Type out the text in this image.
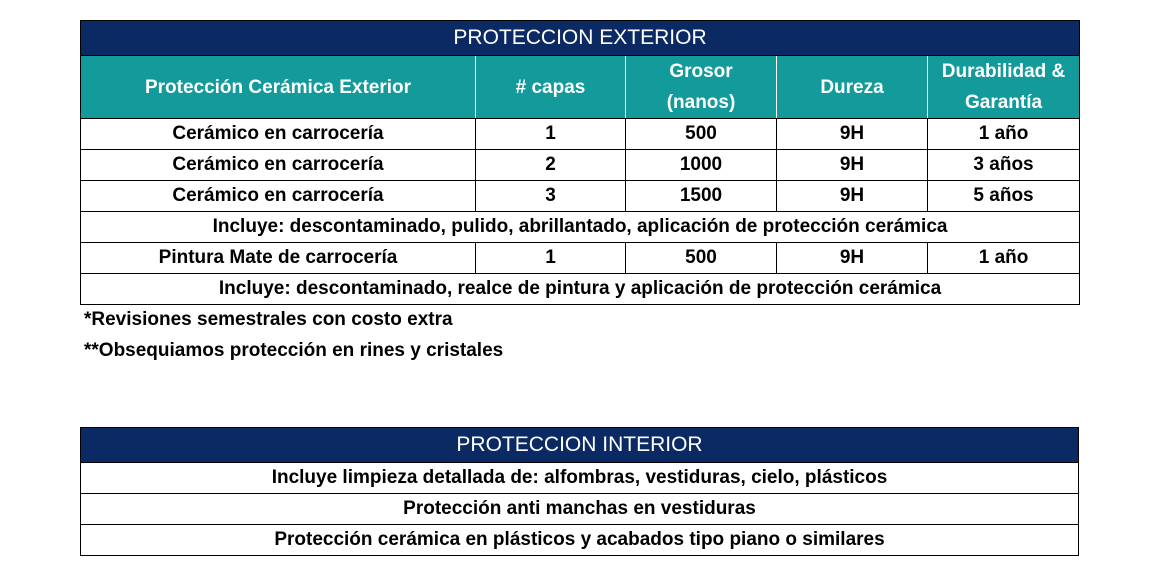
PROTECCION EXTERIOR				
Protección Cerámica Exterior	# capas	Grosor (nanos)	Dureza	Durabilidad & Garantía

Cerámico en carrocería	1	500	9H	1 año
Cerámico en carrocería	2	1000	9H	3 años
Cerámico en carrocería	3	1500	9H	5 años
Incluye: descontaminado, pulido, abrillantado, aplicación de protección cerámica				
Pintura Mate de carrocería	1	500	9H	1 año
Incluye: descontaminado, realce de pintura y aplicación de protección cerámica				
*Revisiones semestrales con costo extra
**Obsequiamos protección en rines y cristales
PROTECCION INTERIOR
Incluye limpieza detallada de: alfombras, vestiduras, cielo, plásticos
Protección anti manchas en vestiduras
Protección cerámica en plásticos y acabados tipo piano o similares
